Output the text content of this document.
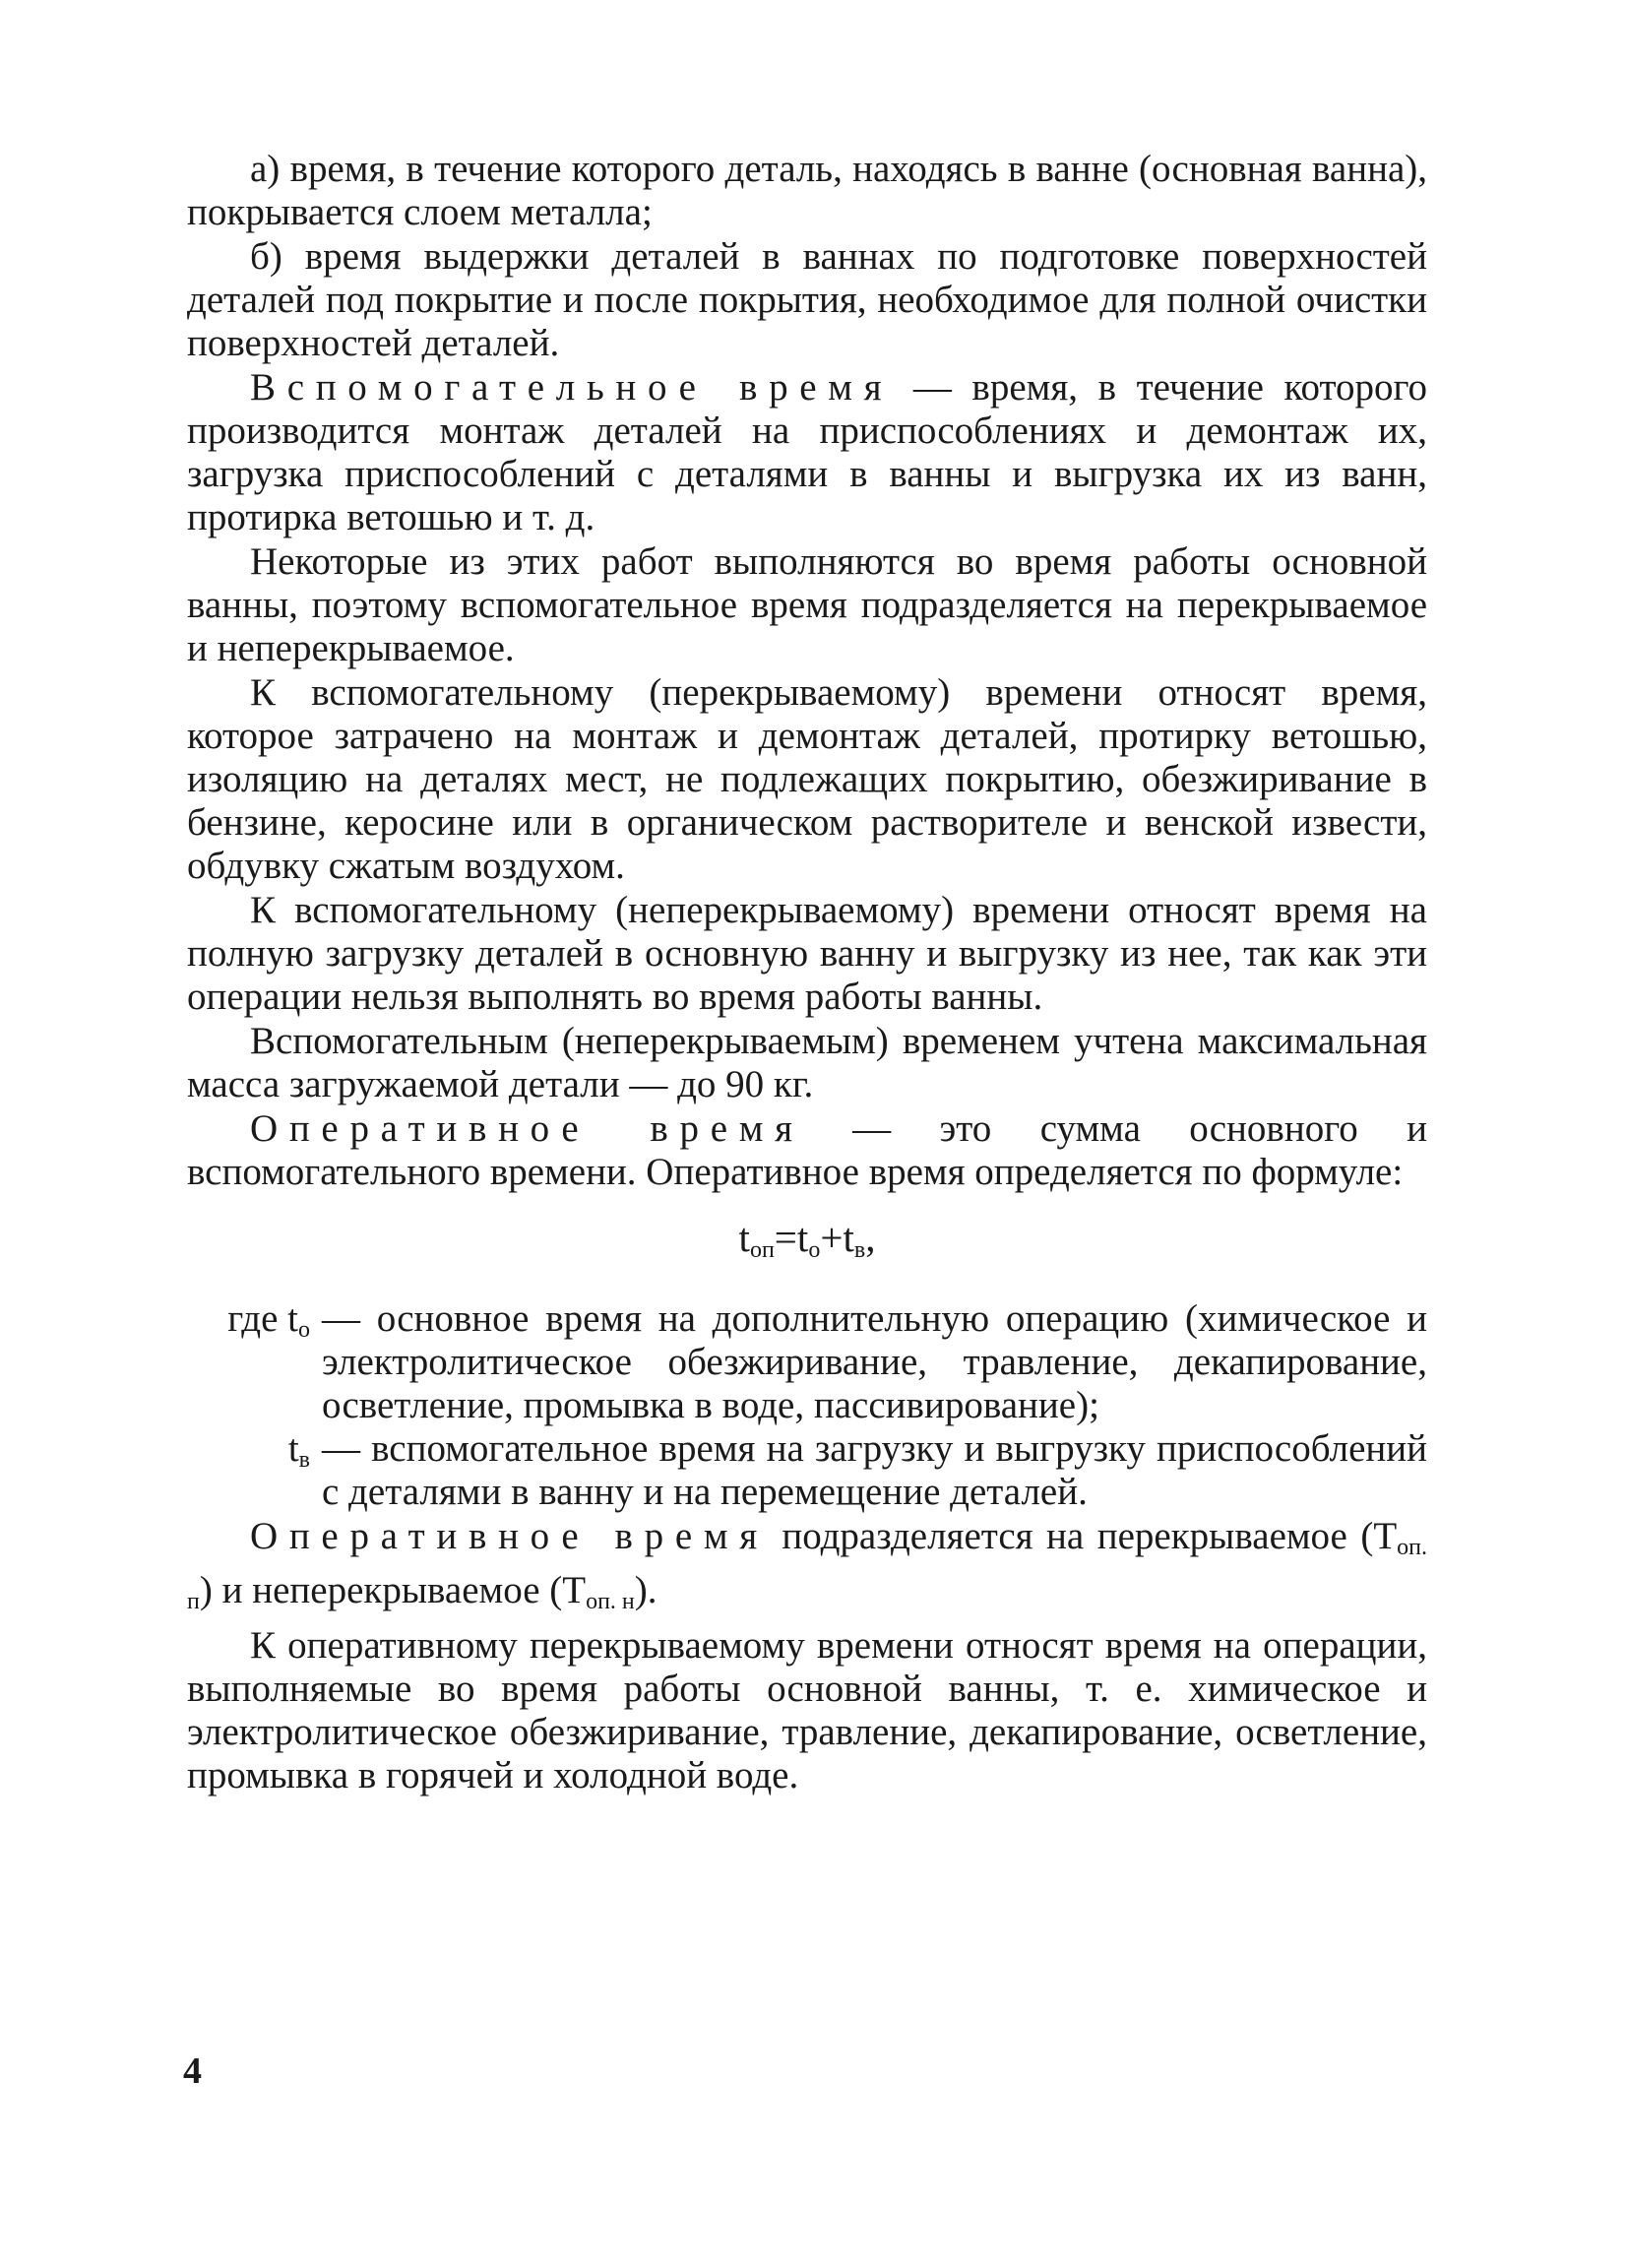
а) время, в течение которого деталь, находясь в ванне (основная ванна), покрывается слоем металла;

б) время выдержки деталей в ваннах по подготовке поверхностей деталей под покрытие и после покрытия, необходимое для полной очистки поверхностей деталей.

Вспомогательное время — время, в течение которого производится монтаж деталей на приспособлениях и демонтаж их, загрузка приспособлений с деталями в ванны и выгрузка их из ванн, протирка ветошью и т. д.

Некоторые из этих работ выполняются во время работы основной ванны, поэтому вспомогательное время подразделяется на перекрываемое и неперекрываемое.

К вспомогательному (перекрываемому) времени относят время, которое затрачено на монтаж и демонтаж деталей, протирку ветошью, изоляцию на деталях мест, не подлежащих покрытию, обезжиривание в бензине, керосине или в органическом растворителе и венской извести, обдувку сжатым воздухом.

К вспомогательному (неперекрываемому) времени относят время на полную загрузку деталей в основную ванну и выгрузку из нее, так как эти операции нельзя выполнять во время работы ванны.

Вспомогательным (неперекрываемым) временем учтена максимальная масса загружаемой детали — до 90 кг.

Оперативное время — это сумма основного и вспомогательного времени. Оперативное время определяется по формуле:

$t_{оп}=t_о+t_в$,
где $t_о$ — основное время на дополнительную операцию (химическое и электролитическое обезжиривание, травление, декапирование, осветление, промывка в воде, пассивирование);
$t_в$ — вспомогательное время на загрузку и выгрузку приспособлений с деталями в ванну и на перемещение деталей.

Оперативное время подразделяется на перекрываемое $(T_{оп. п})$ и неперекрываемое $(T_{оп. н})$.

К оперативному перекрываемому времени относят время на операции, выполняемые во время работы основной ванны, т. е. химическое и электролитическое обезжиривание, травление, декапирование, осветление, промывка в горячей и холодной воде.

4
